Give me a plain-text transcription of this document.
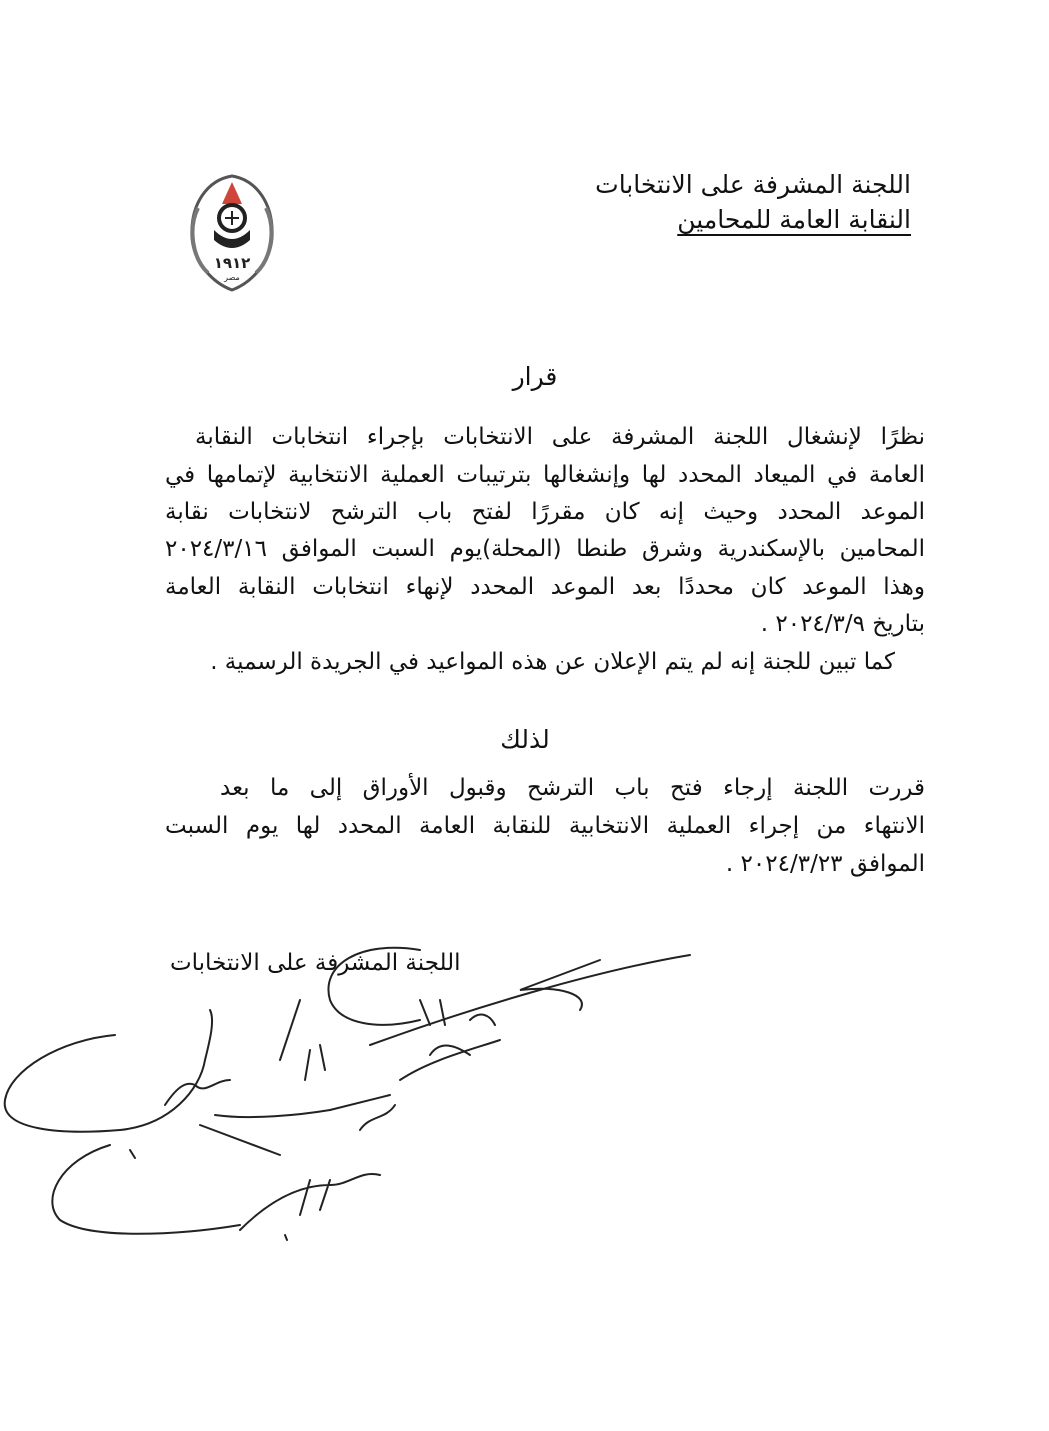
اللجنة المشرفة على الانتخابات
النقابة العامة للمحامين
١٩١٢
مصر
قرار
نظرًا لإنشغال اللجنة المشرفة على الانتخابات بإجراء انتخابات النقابة
العامة في الميعاد المحدد لها وإنشغالها بترتيبات العملية الانتخابية لإتمامها في
الموعد المحدد وحيث إنه كان مقررًا لفتح باب الترشح لانتخابات نقابة
المحامين بالإسكندرية وشرق طنطا (المحلة)يوم السبت الموافق ٢٠٢٤/٣/١٦
وهذا الموعد كان محددًا بعد الموعد المحدد لإنهاء انتخابات النقابة العامة
بتاريخ ٢٠٢٤/٣/٩ .
كما تبين للجنة إنه لم يتم الإعلان عن هذه المواعيد في الجريدة الرسمية .
لذلك
قررت اللجنة إرجاء فتح باب الترشح وقبول الأوراق إلى ما بعد
الانتهاء من إجراء العملية الانتخابية للنقابة العامة المحدد لها يوم السبت
الموافق ٢٠٢٤/٣/٢٣ .
اللجنة المشرفة على الانتخابات
